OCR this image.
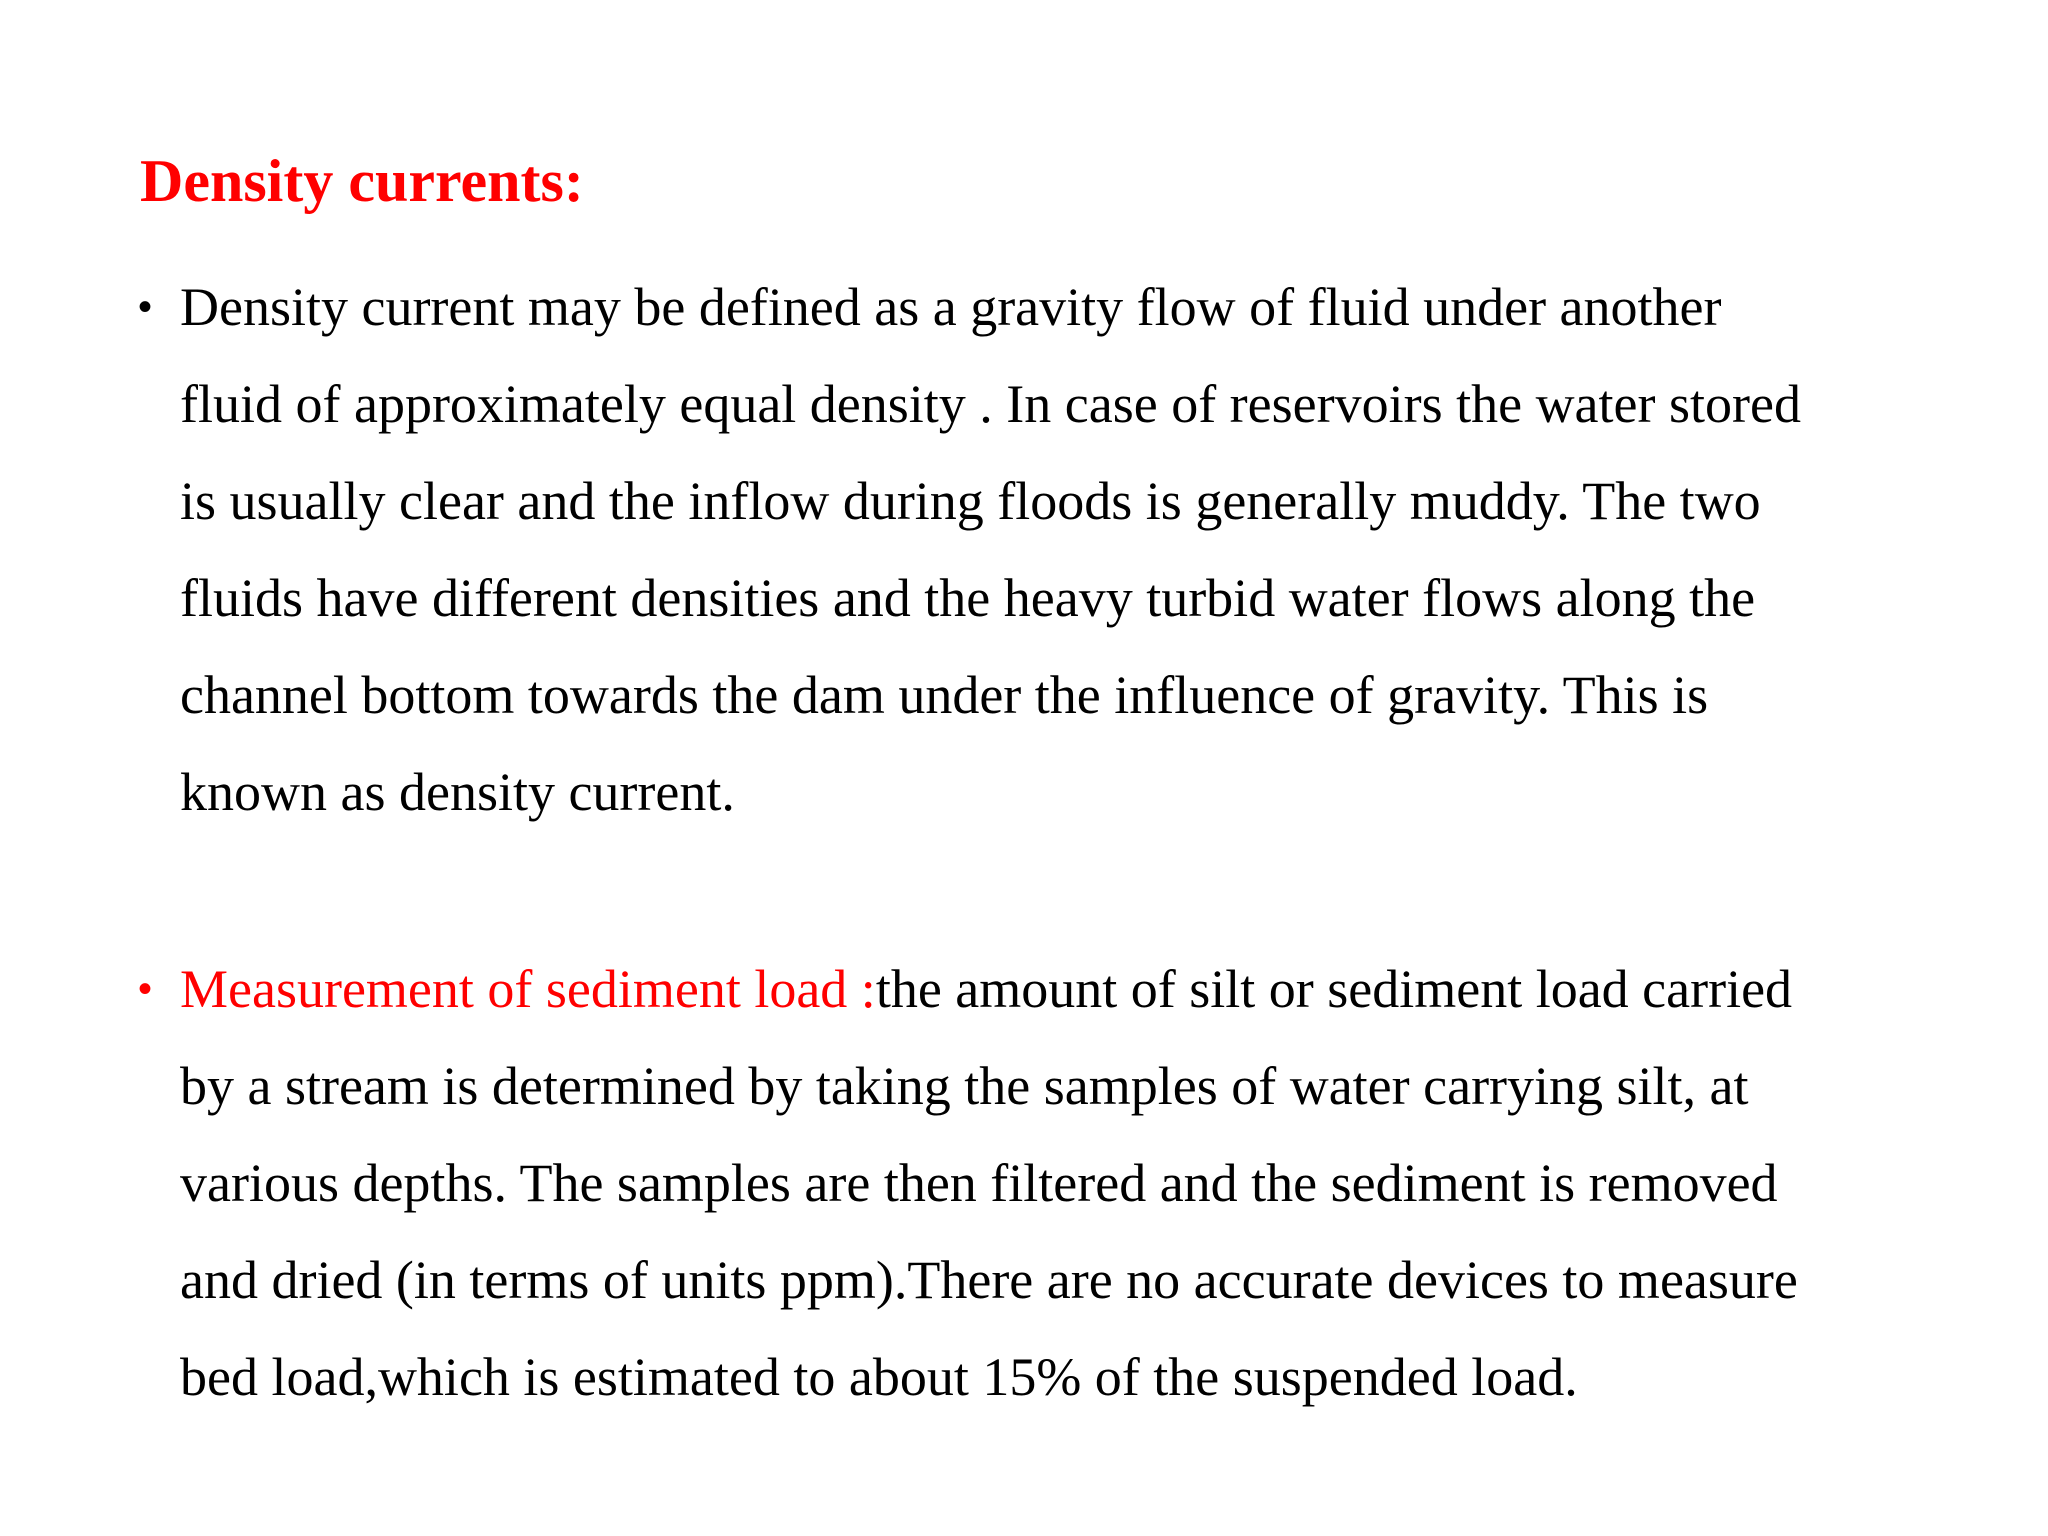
Density currents:
• Density current may be defined as a gravity flow of fluid under another
fluid of approximately equal density . In case of reservoirs the water stored
is usually clear and the inflow during floods is generally muddy. The two
fluids have different densities and the heavy turbid water flows along the
channel bottom towards the dam under the influence of gravity. This is
known as density current.
• Measurement of sediment load :the amount of silt or sediment load carried
by a stream is determined by taking the samples of water carrying silt, at
various depths. The samples are then filtered and the sediment is removed
and dried (in terms of units ppm).There are no accurate devices to measure
bed load,which is estimated to about 15% of the suspended load.
